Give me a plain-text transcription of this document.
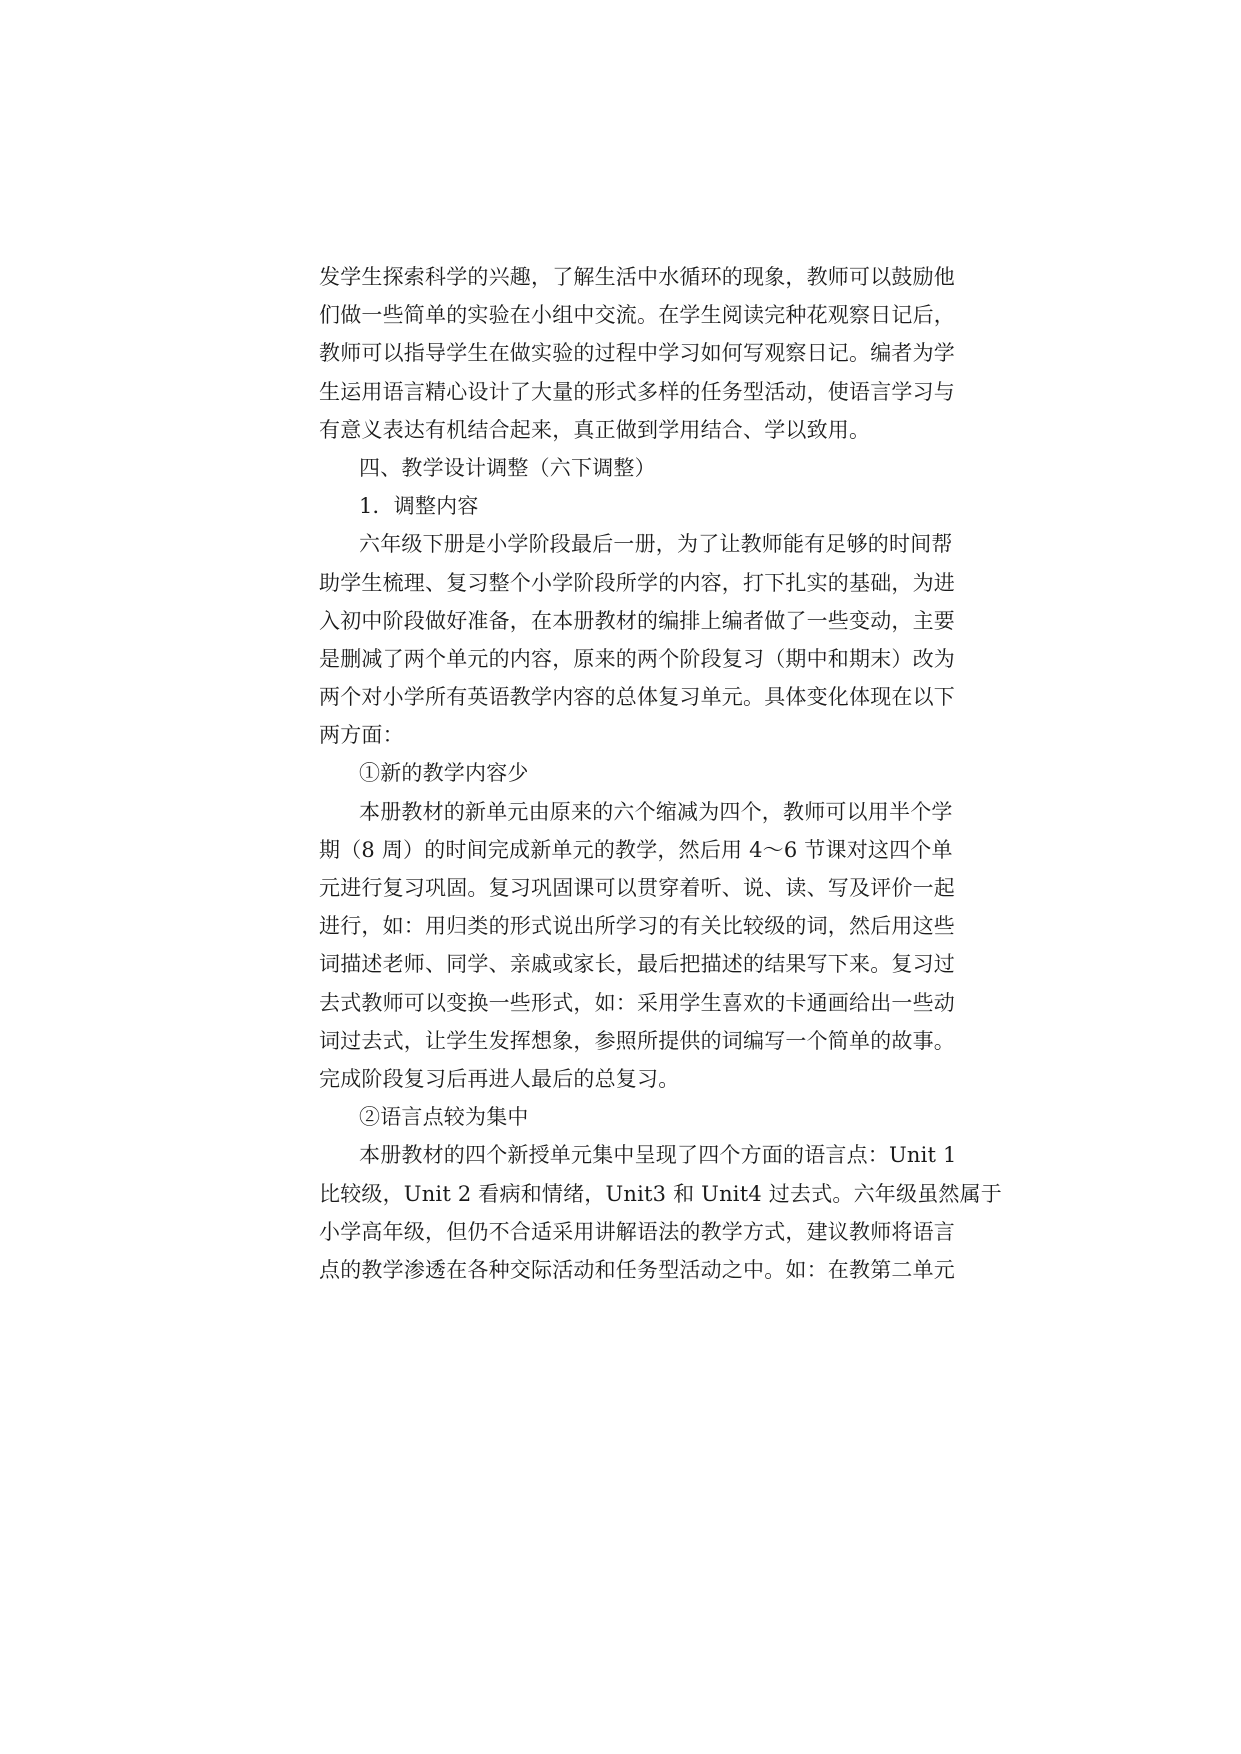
发学生探索科学的兴趣，了解生活中水循环的现象，教师可以鼓励他
们做一些简单的实验在小组中交流。在学生阅读完种花观察日记后，
教师可以指导学生在做实验的过程中学习如何写观察日记。编者为学
生运用语言精心设计了大量的形式多样的任务型活动，使语言学习与
有意义表达有机结合起来，真正做到学用结合、学以致用。
四、教学设计调整（六下调整）
1．调整内容
六年级下册是小学阶段最后一册，为了让教师能有足够的时间帮
助学生梳理、复习整个小学阶段所学的内容，打下扎实的基础，为进
入初中阶段做好准备，在本册教材的编排上编者做了一些变动，主要
是删减了两个单元的内容，原来的两个阶段复习（期中和期末）改为
两个对小学所有英语教学内容的总体复习单元。具体变化体现在以下
两方面：
①新的教学内容少
本册教材的新单元由原来的六个缩减为四个，教师可以用半个学
期（8 周）的时间完成新单元的教学，然后用 4～6 节课对这四个单
元进行复习巩固。复习巩固课可以贯穿着听、说、读、写及评价一起
进行，如：用归类的形式说出所学习的有关比较级的词，然后用这些
词描述老师、同学、亲戚或家长，最后把描述的结果写下来。复习过
去式教师可以变换一些形式，如：采用学生喜欢的卡通画给出一些动
词过去式，让学生发挥想象，参照所提供的词编写一个简单的故事。
完成阶段复习后再进人最后的总复习。
②语言点较为集中
本册教材的四个新授单元集中呈现了四个方面的语言点：Unit 1
比较级，Unit 2 看病和情绪，Unit3 和 Unit4 过去式。六年级虽然属于
小学高年级，但仍不合适采用讲解语法的教学方式，建议教师将语言
点的教学渗透在各种交际活动和任务型活动之中。如：在教第二单元
